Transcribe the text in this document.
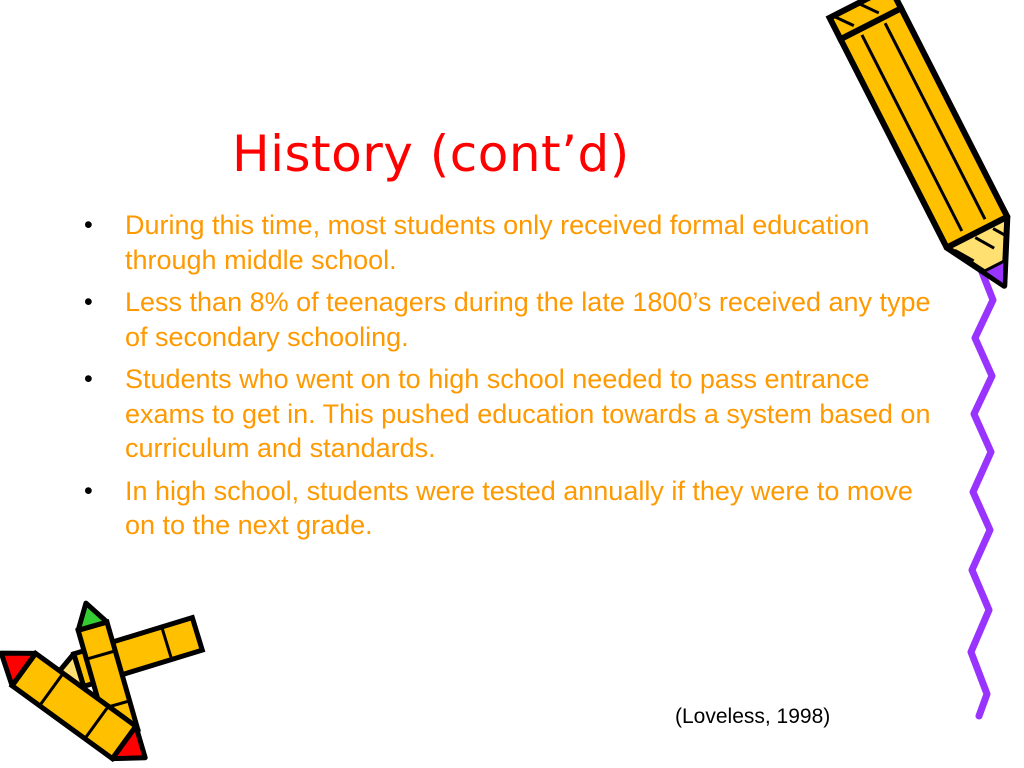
History (cont’d)
• During this time, most students only received formal education through middle school.
• Less than 8% of teenagers during the late 1800’s received any type of secondary schooling.
• Students who went on to high school needed to pass entrance exams to get in. This pushed education towards a system based on curriculum and standards.
• In high school, students were tested annually if they were to move on to the next grade.
(Loveless, 1998)
